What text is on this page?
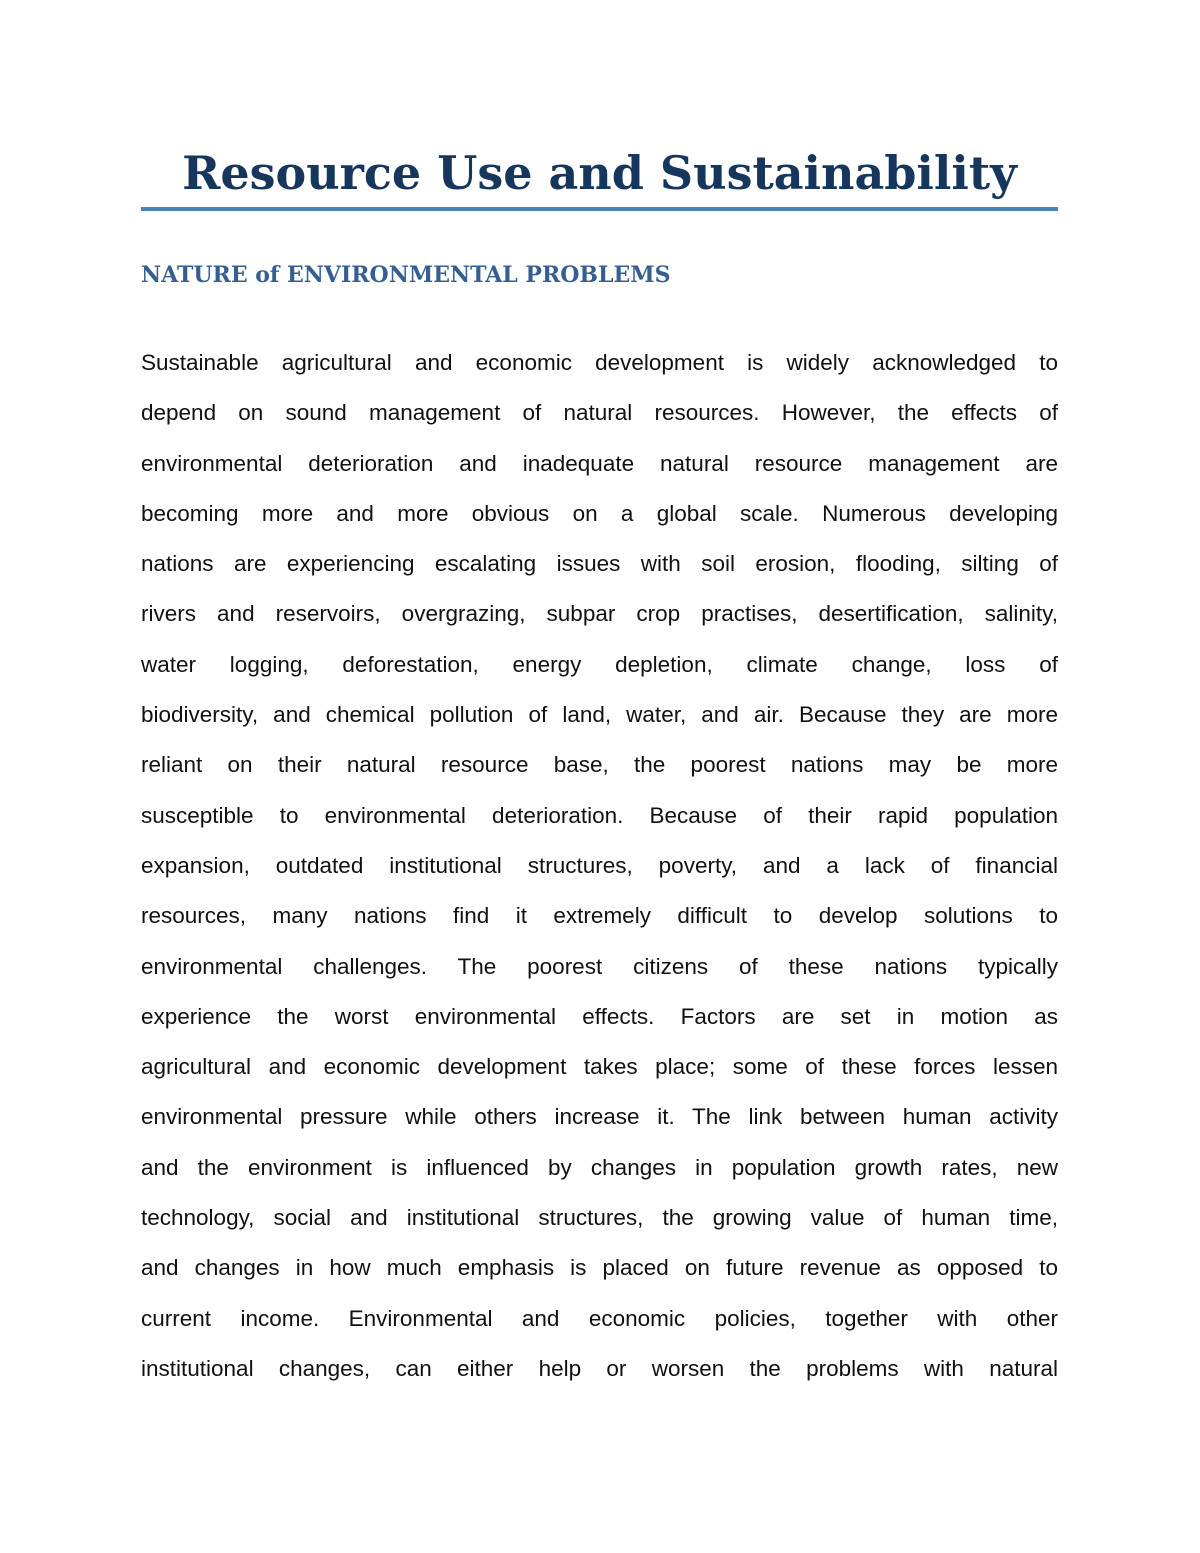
Resource Use and Sustainability
NATURE of ENVIRONMENTAL PROBLEMS
Sustainable agricultural and economic development is widely acknowledged to
depend on sound management of natural resources. However, the effects of
environmental deterioration and inadequate natural resource management are
becoming more and more obvious on a global scale. Numerous developing
nations are experiencing escalating issues with soil erosion, flooding, silting of
rivers and reservoirs, overgrazing, subpar crop practises, desertification, salinity,
water logging, deforestation, energy depletion, climate change, loss of
biodiversity, and chemical pollution of land, water, and air. Because they are more
reliant on their natural resource base, the poorest nations may be more
susceptible to environmental deterioration. Because of their rapid population
expansion, outdated institutional structures, poverty, and a lack of financial
resources, many nations find it extremely difficult to develop solutions to
environmental challenges. The poorest citizens of these nations typically
experience the worst environmental effects. Factors are set in motion as
agricultural and economic development takes place; some of these forces lessen
environmental pressure while others increase it. The link between human activity
and the environment is influenced by changes in population growth rates, new
technology, social and institutional structures, the growing value of human time,
and changes in how much emphasis is placed on future revenue as opposed to
current income. Environmental and economic policies, together with other
institutional changes, can either help or worsen the problems with natural
